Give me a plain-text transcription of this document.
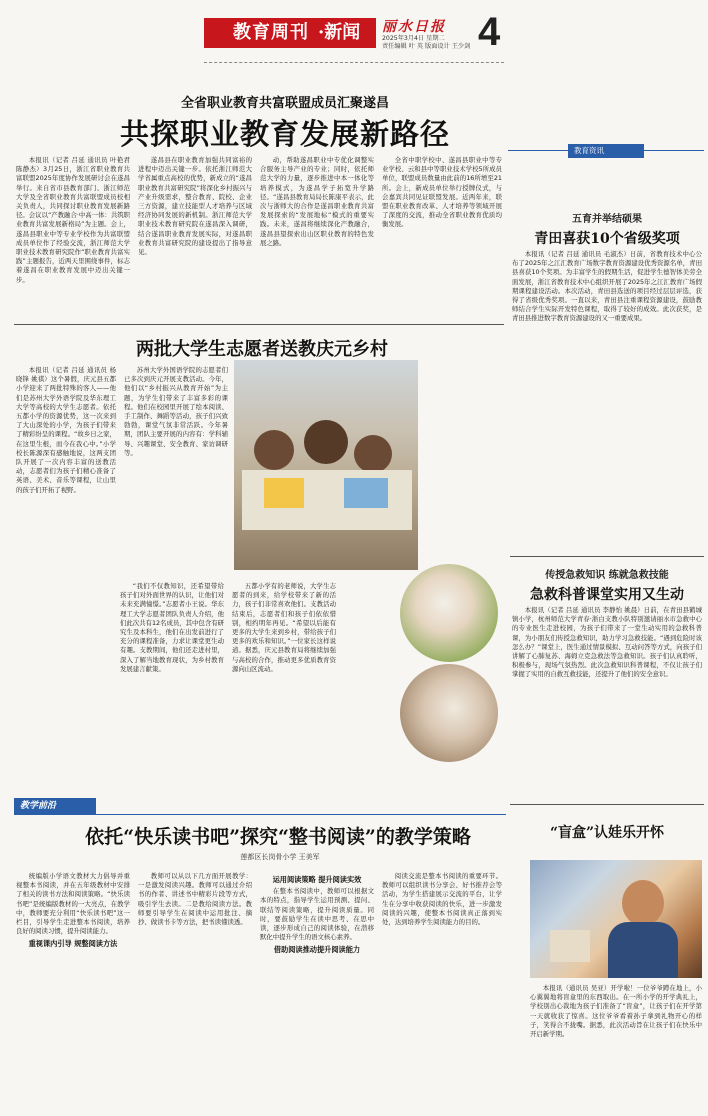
教育周刊 ·新闻	丽水日报
2025年3月4日 星期二
责任编辑 叶 英 版面设计 王少剑 4
全省职业教育共富联盟成员汇聚遂昌
共探职业教育发展新路径

本报讯（记者 吕延 通讯员 叶艳君 陈静杰）3月25日，浙江省职业教育共富联盟2025年度协作发展研讨会在遂昌举行。来自省市县教育部门、浙江师范大学及全省职业教育共富联盟成员校相关负责人，共同探讨职业教育发展新路径。会议以“产教融合·中高一体：共筑职业教育共富发展新格局”为主题。会上，遂昌县职业中等专业学校作为共富联盟成员单位作了经验交流，浙江师范大学职业技术教育研究院作“职业教育共富实践”主题报告，近两天里围绕事件，标志着遂昌在职业教育发展中迈出关键一步。

遂昌县在职业教育加强共同富裕的进程中迈出关键一步。依托浙江师范大学省属重点高校的优势，新成立的“遂昌职业教育共富研究院”将深化乡村振兴与产业升级需求，整合教育、院校、企业三方资源，建立技能型人才培养与区域经济协同发展的新机制。浙江师范大学职业技术教育研究院在遂昌深入调研，结合遂昌职业教育发展实际，对遂昌职业教育共富研究院的建设提出了指导意见。

动，帮助遂昌职业中专优化调整实合服务主导产业的专业；同时，依托师范大学的力量，逐步推进中本一体化等培养模式，为遂昌学子拓宽升学路径。“遂昌县教育局局长陈康平表示，此次与浙师大的合作是遂昌职业教育共富发展探索的“发展地标“模式的重要实践。未来，遂昌将继续深化产教融合，遂昌县望探索出山区职业教育的特色发展之路。

全省中职学校中、遂昌县职业中等专业学校、云和县中等职业技术学校5所成员单位，联盟成员数量由此前的16所增至21所。会上，新成员单位举行授牌仪式，与会嘉宾共同见证联盟发展。近两年来，联盟在职业教育改革、人才培养等领域开展了深度的交流，推动全省职业教育优质均衡发展。

两批大学生志愿者送教庆元乡村

本报讯（记者 吕延 通讯员 杨晓锋 姚祺）这个暑假，庆元县五都小学迎来了两批特殊的客人——他们是苏州大学外语学院及华东理工大学等高校的大学生志愿者。依托五都小学的资源优势，这一次来到了大山深处的小学，为孩子们带来了精彩纷呈的课程。“故乡日之家，在这里生根，而今在我心中。”小学校长陈源深有感触地说，这两支团队开展了一次内容丰富的送教活动，志愿者们为孩子们精心准备了英语、美术、音乐等课程，让山里的孩子们开拓了视野。

苏州大学外国语学院的志愿者们已多次到庆元开展支教活动。今年，他们以“乡村振兴从教育开始”为主题，为学生们带来了丰富多彩的课程。他们在校园里开展了绘本阅读、手工制作、舞蹈等活动，孩子们兴致勃勃，课堂气氛非常活跃。今年暑期，团队主要开展的内容有：学科辅导、兴趣课堂、安全教育、家访调研等。

“我们不仅教知识，还希望带给孩子们对外面世界的认识，让他们对未来充满憧憬。”志愿者小王说。华东理工大学志愿者团队负责人介绍，他们此次共有12名成员，其中包含有研究生及本科生，他们在出发前进行了充分的课程准备，力求让课堂更生动有趣。支教期间，他们还走进村里，深入了解当地教育现状，为乡村教育发展建言献策。

五都小学有的老师说，大学生志愿者的到来，给学校带来了新的活力，孩子们非常喜欢他们。支教活动结束后，志愿者们和孩子们依依惜别，相约明年再见。“希望以后能有更多的大学生来到乡村，带给孩子们更多的欢乐和知识。”一位家长这样说道。据悉，庆元县教育局将继续加强与高校的合作，推动更多优质教育资源向山区流动。

教学前沿
依托“快乐读书吧”探究“整书阅读”的教学策略
莲都区长岗骨小学 王美军

统编版小学语文教材大力倡导并重视整本书阅读，并在五年级教材中安排了相关的读书方法和阅读策略。“快乐读书吧”是统编版教材的一大亮点，在教学中，教师要充分利用“快乐读书吧”这一栏目，引导学生走进整本书阅读，培养良好的阅读习惯，提升阅读能力。

重视课内引导 规整阅读方法

教师可以从以下几方面开展教学：一是激发阅读兴趣。教师可以通过介绍书的作者、讲述书中精彩片段等方式，吸引学生去读。二是教给阅读方法。教师要引导学生在阅读中运用批注、摘抄、做读书卡等方法，把书读懂读透。

运用阅读策略 提升阅读实效

在整本书阅读中，教师可以根据文本的特点，指导学生运用预测、提问、联结等阅读策略，提升阅读质量。同时，要鼓励学生在读中思考、在思中读，逐步形成自己的阅读体验，在潜移默化中提升学生的语文核心素养。

借助阅读推动提升阅读能力

阅读交流是整本书阅读的重要环节。教师可以组织读书分享会、好书推荐会等活动，为学生搭建展示交流的平台，让学生在分享中收获阅读的快乐，进一步激发阅读的兴趣，使整本书阅读真正落到实处，达到培养学生阅读能力的目的。

教育资讯
五育并举结硕果
青田喜获10个省级奖项

本报讯（记者 吕延 通讯员 毛淑杰）日前，省教育技术中心公布了2025年之江汇教育广场数字教育资源建设优秀资源名单，青田县喜获10个奖项。为丰富学生的假期生活，促进学生德智体美劳全面发展，浙江省教育技术中心组织开展了2025年之江汇教育广场假期课程建设活动。本次活动，青田县选送的项目经过层层评选，获得了省级优秀奖项。一直以来，青田县注重课程资源建设，鼓励教师结合学生实际开发特色课程，取得了较好的成效。此次获奖，是青田县推进数字教育资源建设的又一重要成果。

传授急救知识 练就急救技能
急救科普课堂实用又生动

本报讯（记者 吕延 通讯员 李静怡 姚晨）日前，在青田县鹤城镇小学，杭州师范大学青春·浙白支教小队特别邀请丽水市急救中心的专业医生走进校园，为孩子们带来了一堂生动实用的急救科普课，为小朋友们传授急救知识，助力学习急救技能。“遇到危险时该怎么办？”课堂上，医生通过情景模拟、互动问答等方式，向孩子们讲解了心肺复苏、海姆立克急救法等急救知识。孩子们认真聆听，积极参与，现场气氛热烈。此次急救知识科普课程，不仅让孩子们掌握了实用的自救互救技能，还提升了他们的安全意识。

“盲盒”认娃乐开怀

本报讯（通讯员 吴亚）开学啦！一位爷爷蹲在地上，小心翼翼地将盲盒里的东西取出。在一所小学的开学典礼上，学校别出心裁地为孩子们准备了“盲盒”，让孩子们在开学第一天就收获了惊喜。这位爷爷看着孙子拿到礼物开心的样子，笑得合不拢嘴。据悉，此次活动旨在让孩子们在快乐中开启新学期。
